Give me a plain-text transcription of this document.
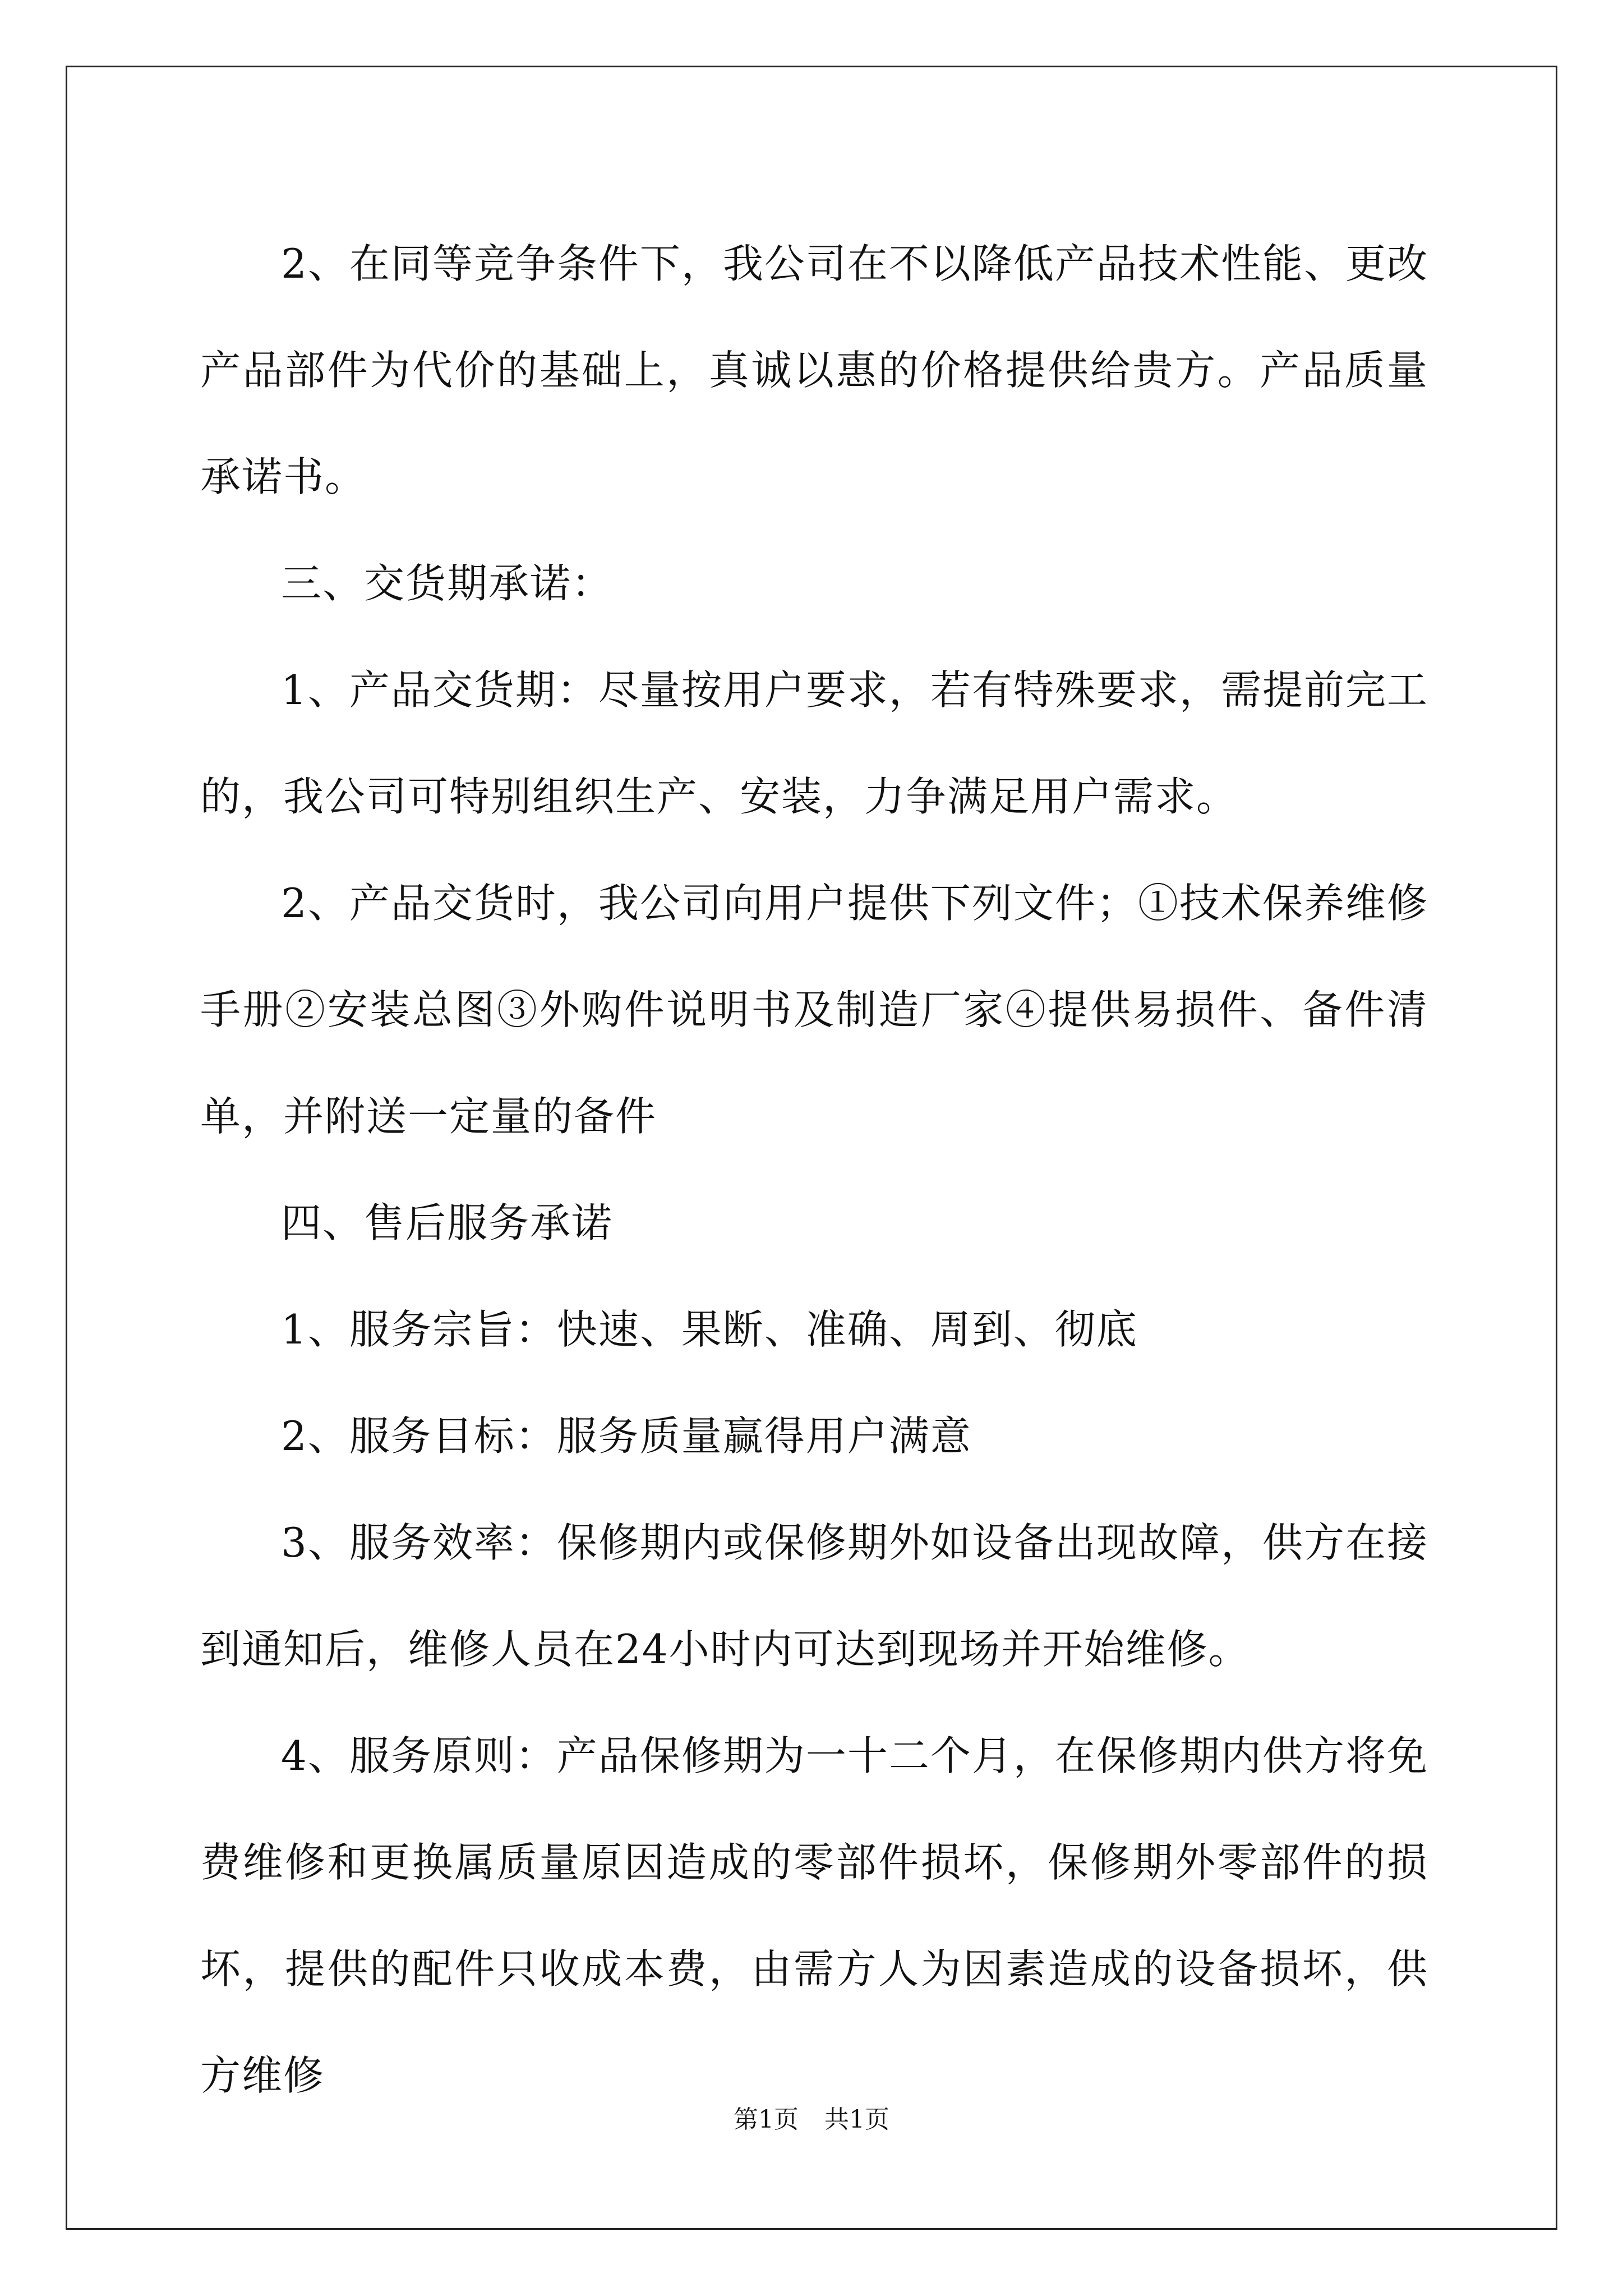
2、在同等竞争条件下，我公司在不以降低产品技术性能、更改产品部件为代价的基础上，真诚以惠的价格提供给贵方。产品质量承诺书。

三、交货期承诺：

1、产品交货期：尽量按用户要求，若有特殊要求，需提前完工的，我公司可特别组织生产、安装，力争满足用户需求。

2、产品交货时，我公司向用户提供下列文件；①技术保养维修手册②安装总图③外购件说明书及制造厂家④提供易损件、备件清单，并附送一定量的备件

四、售后服务承诺

1、服务宗旨：快速、果断、准确、周到、彻底

2、服务目标：服务质量赢得用户满意

3、服务效率：保修期内或保修期外如设备出现故障，供方在接到通知后，维修人员在24小时内可达到现场并开始维修。

4、服务原则：产品保修期为一十二个月，在保修期内供方将免费维修和更换属质量原因造成的零部件损坏，保修期外零部件的损坏，提供的配件只收成本费，由需方人为因素造成的设备损坏，供方维修

第1页 共1页
